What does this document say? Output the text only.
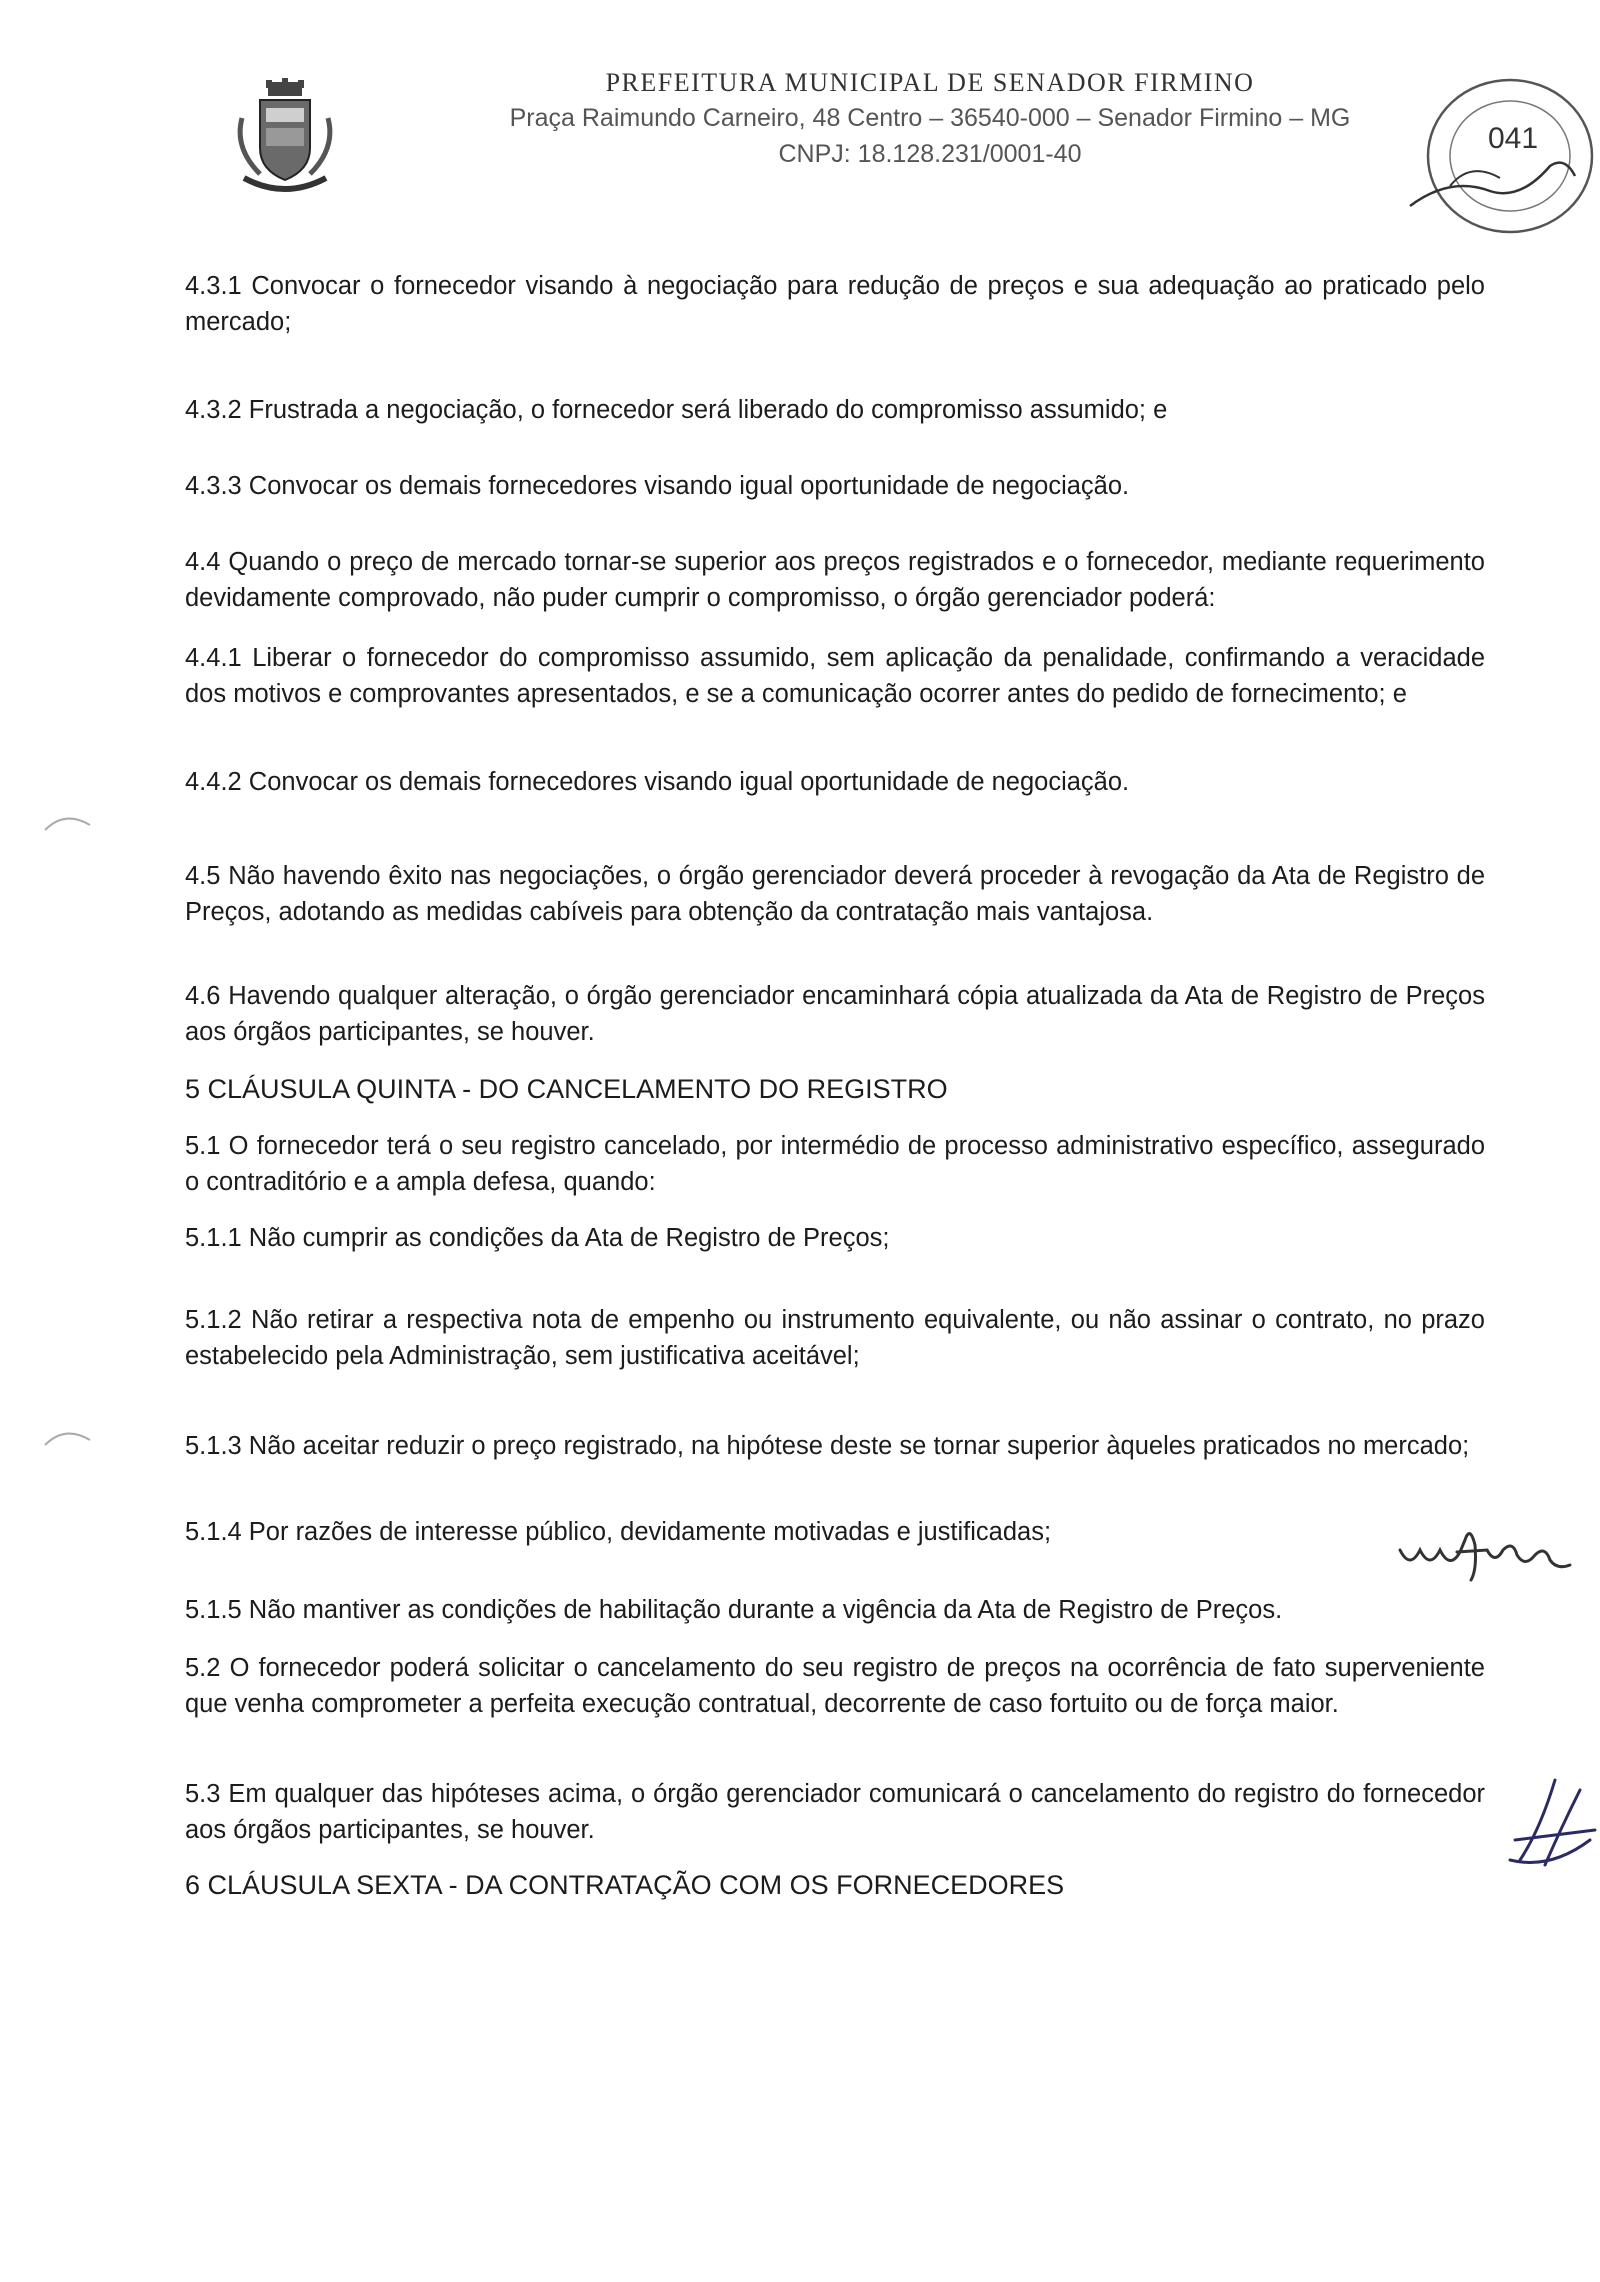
PREFEITURA MUNICIPAL DE SENADOR FIRMINO

Praça Raimundo Carneiro, 48 Centro – 36540-000 – Senador Firmino – MG

CNPJ: 18.128.231/0001-40	041

4.3.1 Convocar o fornecedor visando à negociação para redução de preços e sua adequação ao praticado pelo mercado;

4.3.2 Frustrada a negociação, o fornecedor será liberado do compromisso assumido; e

4.3.3 Convocar os demais fornecedores visando igual oportunidade de negociação.

4.4 Quando o preço de mercado tornar-se superior aos preços registrados e o fornecedor, mediante requerimento devidamente comprovado, não puder cumprir o compromisso, o órgão gerenciador poderá:

4.4.1 Liberar o fornecedor do compromisso assumido, sem aplicação da penalidade, confirmando a veracidade dos motivos e comprovantes apresentados, e se a comunicação ocorrer antes do pedido de fornecimento; e

4.4.2 Convocar os demais fornecedores visando igual oportunidade de negociação.

4.5 Não havendo êxito nas negociações, o órgão gerenciador deverá proceder à revogação da Ata de Registro de Preços, adotando as medidas cabíveis para obtenção da contratação mais vantajosa.

4.6 Havendo qualquer alteração, o órgão gerenciador encaminhará cópia atualizada da Ata de Registro de Preços aos órgãos participantes, se houver.

5 CLÁUSULA QUINTA - DO CANCELAMENTO DO REGISTRO

5.1 O fornecedor terá o seu registro cancelado, por intermédio de processo administrativo específico, assegurado o contraditório e a ampla defesa, quando:

5.1.1 Não cumprir as condições da Ata de Registro de Preços;

5.1.2 Não retirar a respectiva nota de empenho ou instrumento equivalente, ou não assinar o contrato, no prazo estabelecido pela Administração, sem justificativa aceitável;

5.1.3 Não aceitar reduzir o preço registrado, na hipótese deste se tornar superior àqueles praticados no mercado;

5.1.4 Por razões de interesse público, devidamente motivadas e justificadas;

5.1.5 Não mantiver as condições de habilitação durante a vigência da Ata de Registro de Preços.

5.2 O fornecedor poderá solicitar o cancelamento do seu registro de preços na ocorrência de fato superveniente que venha comprometer a perfeita execução contratual, decorrente de caso fortuito ou de força maior.

5.3 Em qualquer das hipóteses acima, o órgão gerenciador comunicará o cancelamento do registro do fornecedor aos órgãos participantes, se houver.

6 CLÁUSULA SEXTA - DA CONTRATAÇÃO COM OS FORNECEDORES
